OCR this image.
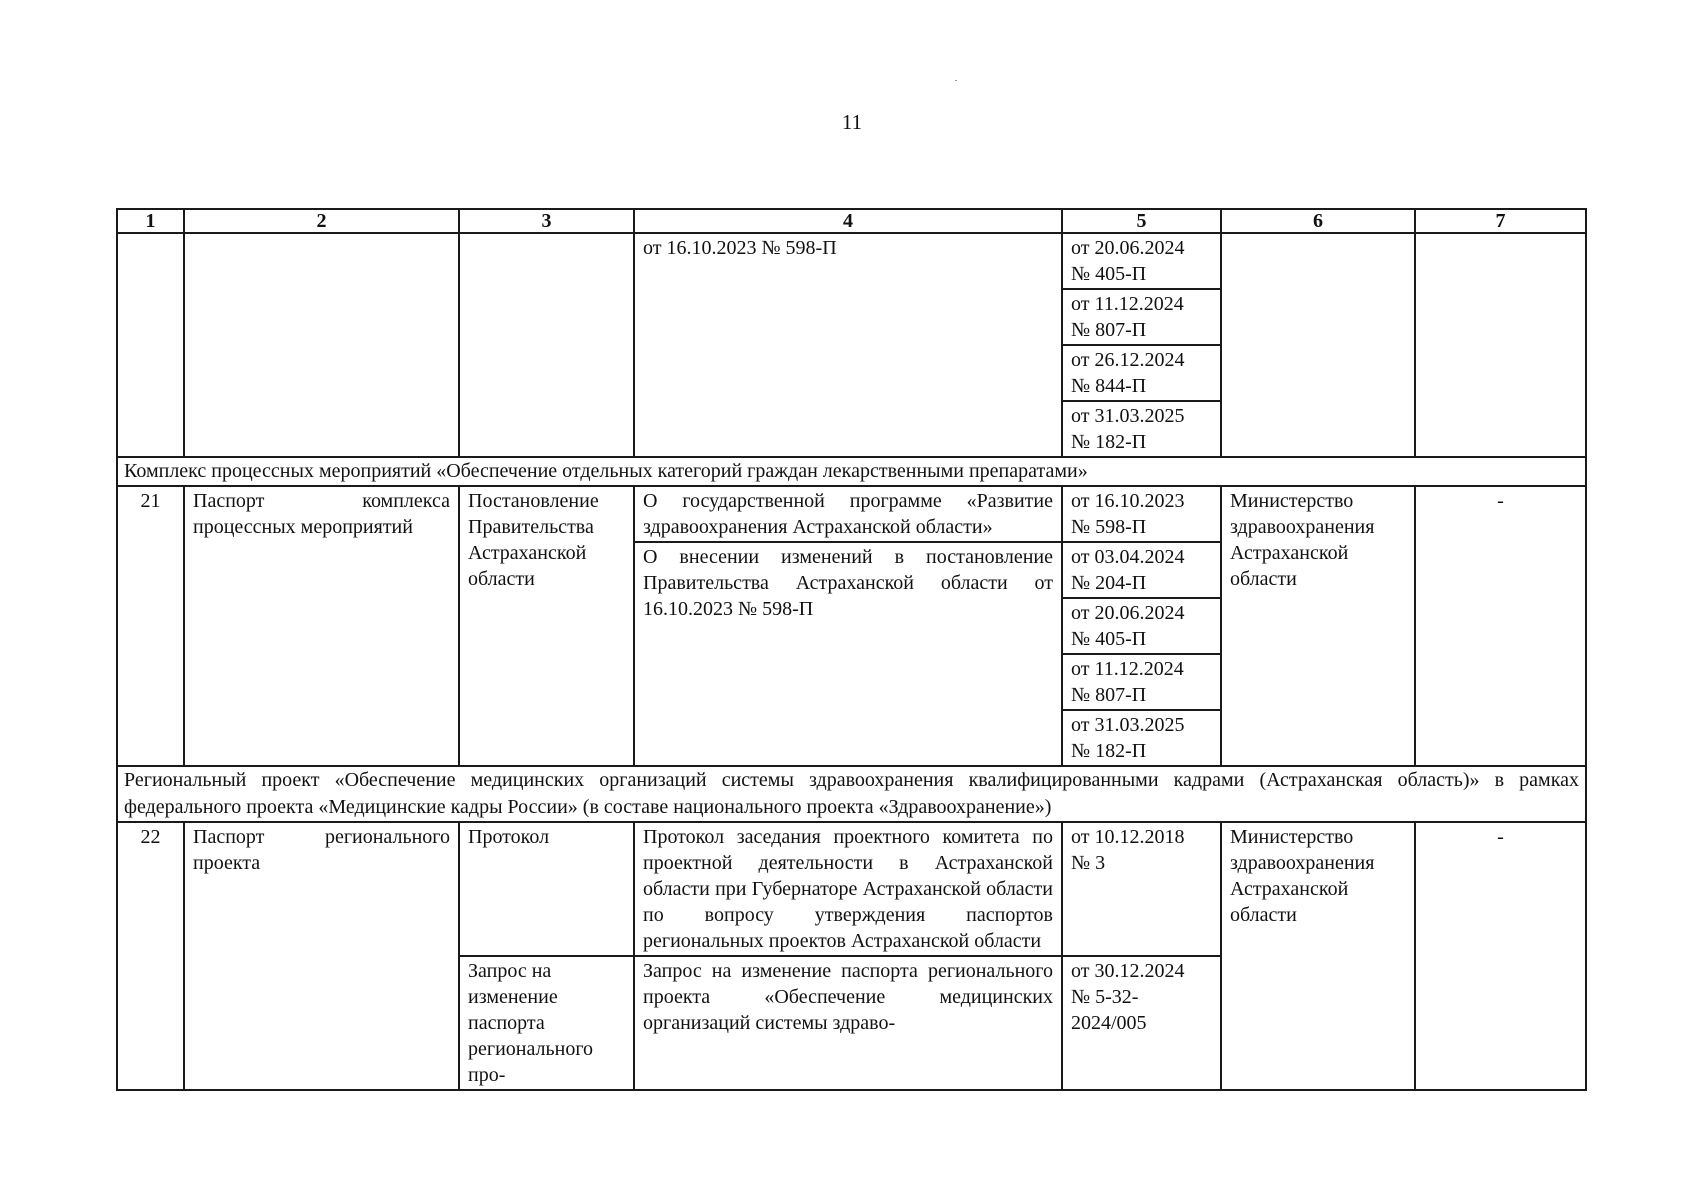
11
1	2	3	4	5	6	7
			от 16.10.2023 № 598-П	от 20.06.2024
№ 405-П		
				от 11.12.2024
№ 807-П		
				от 26.12.2024
№ 844-П		
				от 31.03.2025
№ 182-П		
Комплекс процессных мероприятий «Обеспечение отдельных категорий граждан лекарственными препаратами»						
21	Паспорт комплекса процессных мероприятий	Постановление Правительства Астраханской области	О государственной программе «Развитие здравоохранения Астраханской области»	от 16.10.2023
№ 598-П	Министерство здравоохранения Астраханской области	-
			О внесении изменений в постановление Правительства Астраханской области от 16.10.2023 № 598-П	от 03.04.2024
№ 204-П		
				от 20.06.2024
№ 405-П		
				от 11.12.2024
№ 807-П		
				от 31.03.2025
№ 182-П		
Региональный проект «Обеспечение медицинских организаций системы здравоохранения квалифицированными кадрами (Астраханская область)» в рамках федерального проекта «Медицинские кадры России» (в составе национального проекта «Здравоохранение»)						
22	Паспорт регионального проекта	Протокол	Протокол заседания проектного комитета по проектной деятельности в Астраханской области при Губернаторе Астраханской области по вопросу утверждения паспортов региональных проектов Астраханской области	от 10.12.2018
№ 3	Министерство здравоохранения Астраханской области	-
		Запрос на изменение паспорта регионального про-	Запрос на изменение паспорта регионального проекта «Обеспечение медицинских организаций системы здраво-	от 30.12.2024
№ 5-32-2024/005		
